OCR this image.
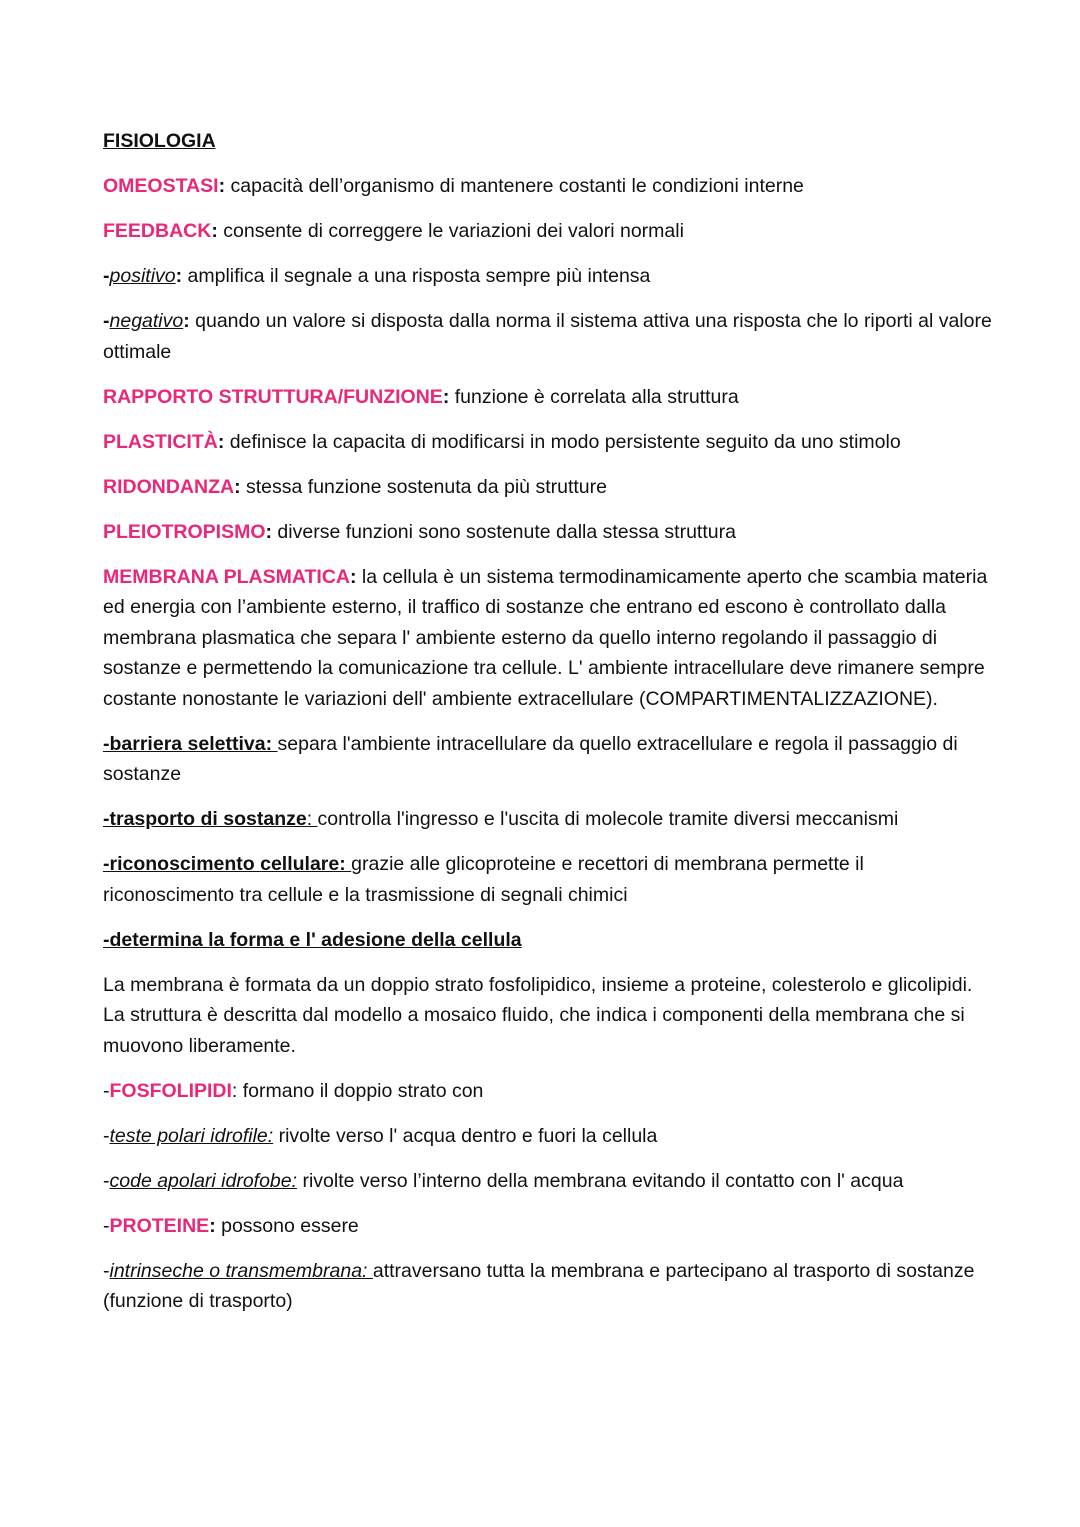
FISIOLOGIA
OMEOSTASI: capacità dell’organismo di mantenere costanti le condizioni interne
FEEDBACK: consente di correggere le variazioni dei valori normali
-positivo: amplifica il segnale a una risposta sempre più intensa
-negativo: quando un valore si disposta dalla norma il sistema attiva una risposta che lo riporti al valore ottimale
RAPPORTO STRUTTURA/FUNZIONE: funzione è correlata alla struttura
PLASTICITÀ: definisce la capacita di modificarsi in modo persistente seguito da uno stimolo
RIDONDANZA: stessa funzione sostenuta da più strutture
PLEIOTROPISMO: diverse funzioni sono sostenute dalla stessa struttura
MEMBRANA PLASMATICA: la cellula è un sistema termodinamicamente aperto che scambia materia ed energia con l’ambiente esterno, il traffico di sostanze che entrano ed escono è controllato dalla membrana plasmatica che separa l' ambiente esterno da quello interno regolando il passaggio di sostanze e permettendo la comunicazione tra cellule. L' ambiente intracellulare deve rimanere sempre costante nonostante le variazioni dell' ambiente extracellulare (COMPARTIMENTALIZZAZIONE).
-barriera selettiva: separa l'ambiente intracellulare da quello extracellulare e regola il passaggio di sostanze
-trasporto di sostanze: controlla l'ingresso e l'uscita di molecole tramite diversi meccanismi
-riconoscimento cellulare: grazie alle glicoproteine e recettori di membrana permette il riconoscimento tra cellule e la trasmissione di segnali chimici
-determina la forma e l' adesione della cellula
La membrana è formata da un doppio strato fosfolipidico, insieme a proteine, colesterolo e glicolipidi. La struttura è descritta dal modello a mosaico fluido, che indica i componenti della membrana che si muovono liberamente.
-FOSFOLIPIDI: formano il doppio strato con
-teste polari idrofile: rivolte verso l' acqua dentro e fuori la cellula
-code apolari idrofobe: rivolte verso l’interno della membrana evitando il contatto con l' acqua
-PROTEINE: possono essere
-intrinseche o transmembrana: attraversano tutta la membrana e partecipano al trasporto di sostanze (funzione di trasporto)
